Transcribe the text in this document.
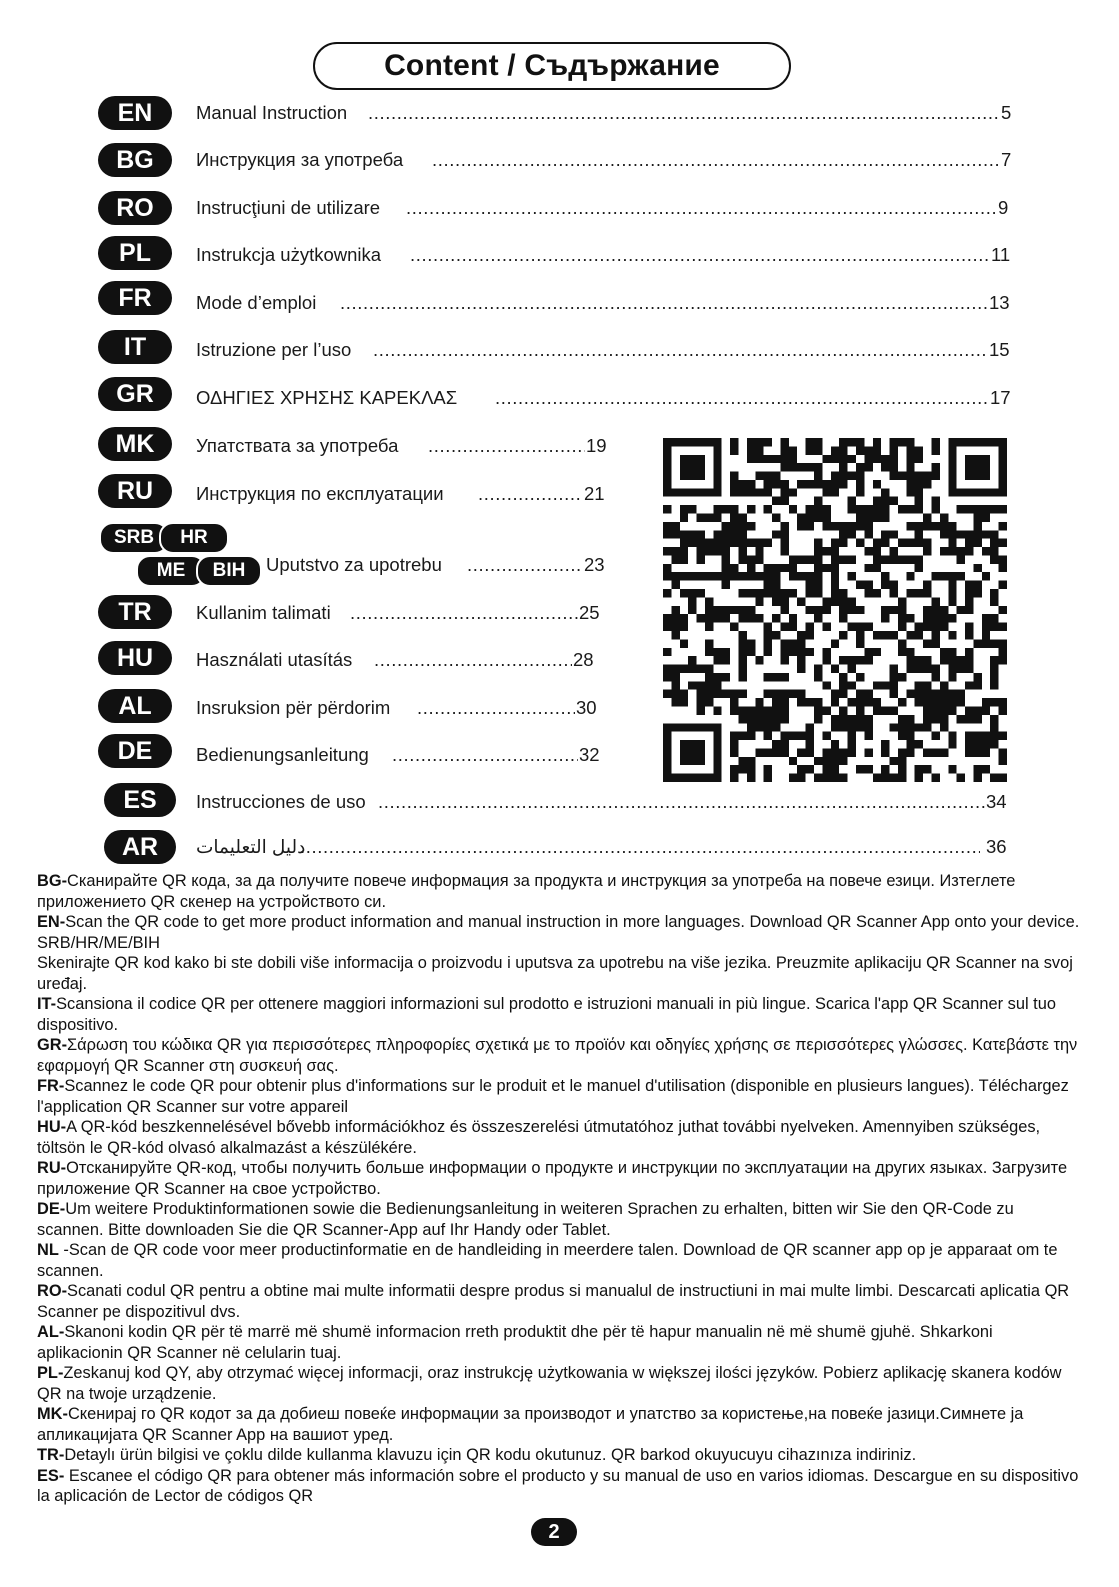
Content / Съдържание
EN	Manual Instruction .....	5
BG	Инструкция за употреба .....	7
RO	Instrucţiuni de utilizare .....	9
PL	Instrukcja użytkownika .....	11
FR	Mode d’emploi .....	13
IT	Istruzione per l’uso .....	15
GR	ΟΔΗΓΙΕΣ ΧΡΗΣΗΣ ΚΑΡΕΚΛΑΣ .....	17
MK	Упатствата за употреба .....	19
RU	Инструкция по експлуатации .....	21
SRB	HR
ME	BIH	Uputstvo za upotrebu .....	23
TR	Kullanim talimati .....	25
HU	Használati utasítás .....	28
AL	Insruksion për përdorim .....	30
DE	Bedienungsanleitung .....	32
ES	Instrucciones de uso .....	34
AR	دليل التعليمات .....	36

BG-Сканирайте QR кода, за да получите повече информация за продукта и инструкция за употреба на повече езици. Изтеглете приложението QR скенер на устройството си.

EN-Scan the QR code to get more product information and manual instruction in more languages. Download QR Scanner App onto your device.

SRB/HR/ME/BIH

Skenirajte QR kod kako bi ste dobili više informacija o proizvodu i uputsva za upotrebu na više jezika. Preuzmite aplikaciju QR Scanner na svoj uređaj.

IT-Scansiona il codice QR per ottenere maggiori informazioni sul prodotto e istruzioni manuali in più lingue. Scarica l'app QR Scanner sul tuo dispositivo.

GR-Σάρωση του κώδικα QR για περισσότερες πληροφορίες σχετικά με το προϊόν και οδηγίες χρήσης σε περισσότερες γλώσσες. Κατεβάστε την εφαρμογή QR Scanner στη συσκευή σας.

FR-Scannez le code QR pour obtenir plus d'informations sur le produit et le manuel d'utilisation (disponible en plusieurs langues). Téléchargez l'application QR Scanner sur votre appareil

HU-A QR-kód beszkennelésével bővebb információkhoz és összeszerelési útmutatóhoz juthat további nyelveken. Amennyiben szükséges, töltsön le QR-kód olvasó alkalmazást a készülékére.

RU-Отсканируйте QR-код, чтобы получить больше информации о продукте и инструкции по эксплуатации на других языках. Загрузите приложение QR Scanner на свое устройство.

DE-Um weitere Produktinformationen sowie die Bedienungsanleitung in weiteren Sprachen zu erhalten, bitten wir Sie den QR-Code zu scannen. Bitte downloaden Sie die QR Scanner-App auf Ihr Handy oder Tablet.

NL -Scan de QR code voor meer productinformatie en de handleiding in meerdere talen. Download de QR scanner app op je apparaat om te scannen.

RO-Scanati codul QR pentru a obtine mai multe informatii despre produs si manualul de instructiuni in mai multe limbi. Descarcati aplicatia QR Scanner pe dispozitivul dvs.

AL-Skanoni kodin QR për të marrë më shumë informacion rreth produktit dhe për të hapur manualin në më shumë gjuhë. Shkarkoni aplikacionin QR Scanner në celularin tuaj.

PL-Zeskanuj kod QY, aby otrzymać więcej informacji, oraz instrukcję użytkowania w większej ilości języków. Pobierz aplikację skanera kodów QR na twoje urządzenie.

MK-Скенирај го QR кодот за да добиеш повеќе информации за производот и упатство за користење,на повеќе јазици.Симнете ја апликацијата QR Scanner App на вашиот уред.

TR-Detaylı ürün bilgisi ve çoklu dilde kullanma klavuzu için QR kodu okutunuz. QR barkod okuyucuyu cihazınıza indiriniz.

ES- Escanee el código QR para obtener más información sobre el producto y su manual de uso en varios idiomas. Descargue en su dispositivo la aplicación de Lector de códigos QR

2
